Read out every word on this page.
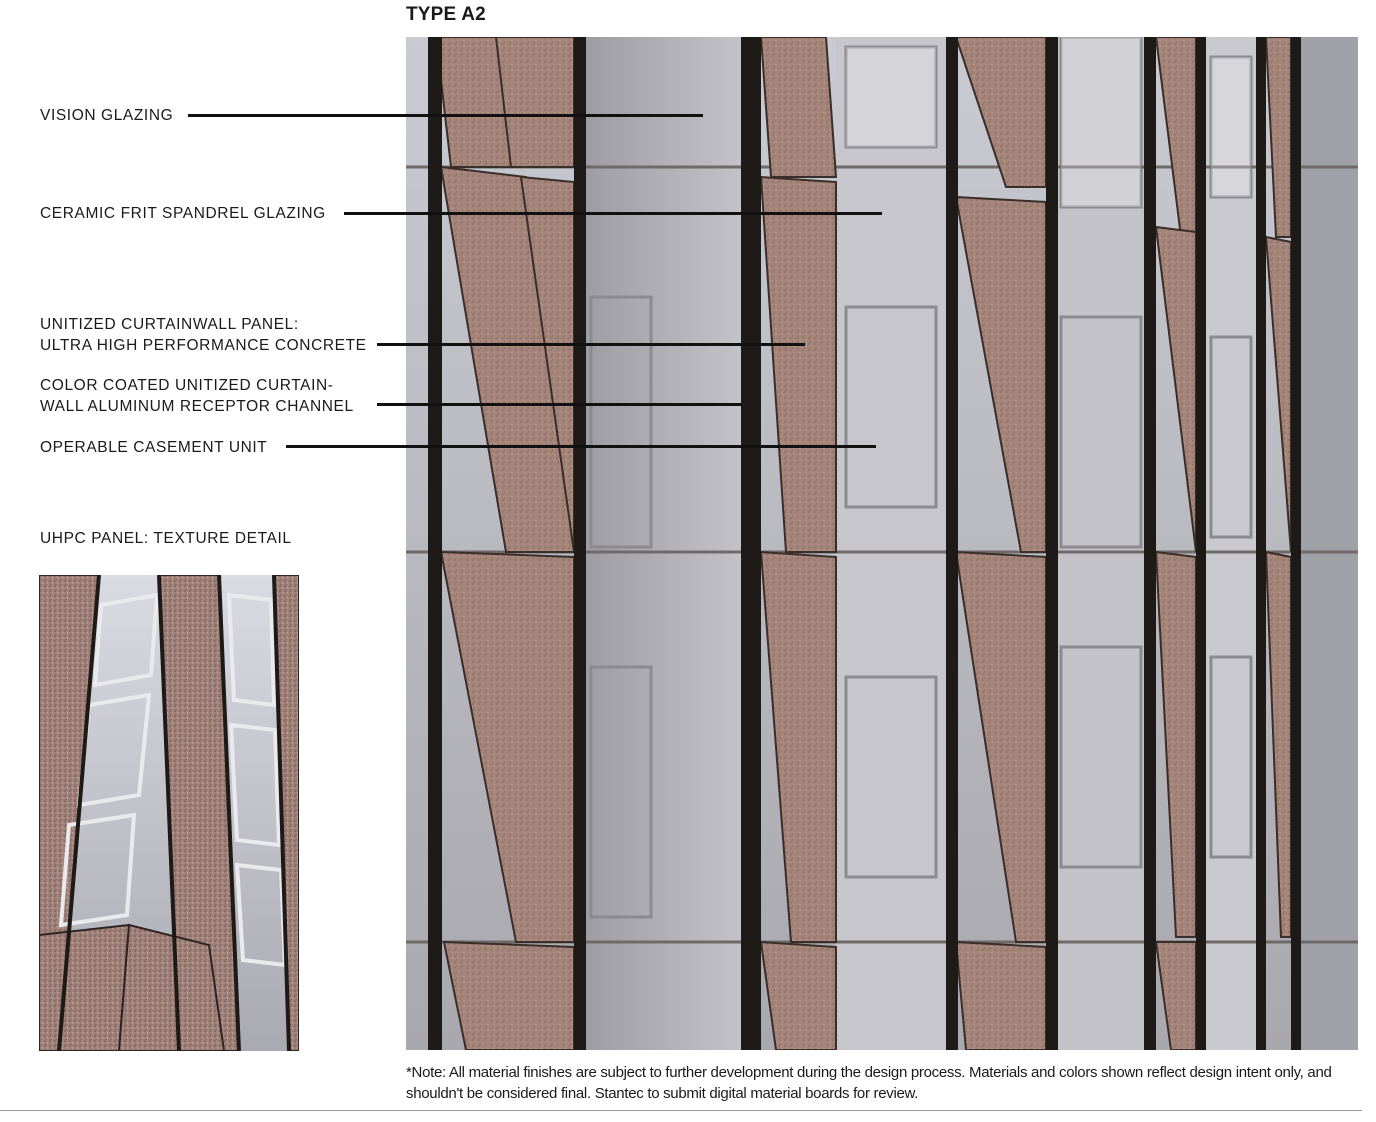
TYPE A2
VISION GLAZING
CERAMIC FRIT SPANDREL GLAZING
UNITIZED CURTAINWALL PANEL:
ULTRA HIGH PERFORMANCE CONCRETE
COLOR COATED UNITIZED CURTAIN-
WALL ALUMINUM RECEPTOR CHANNEL
OPERABLE CASEMENT UNIT
UHPC PANEL: TEXTURE DETAIL
*Note: All material finishes are subject to further development during the design process. Materials and colors shown reflect design intent only, and shouldn't be considered final. Stantec to submit digital material boards for review.
